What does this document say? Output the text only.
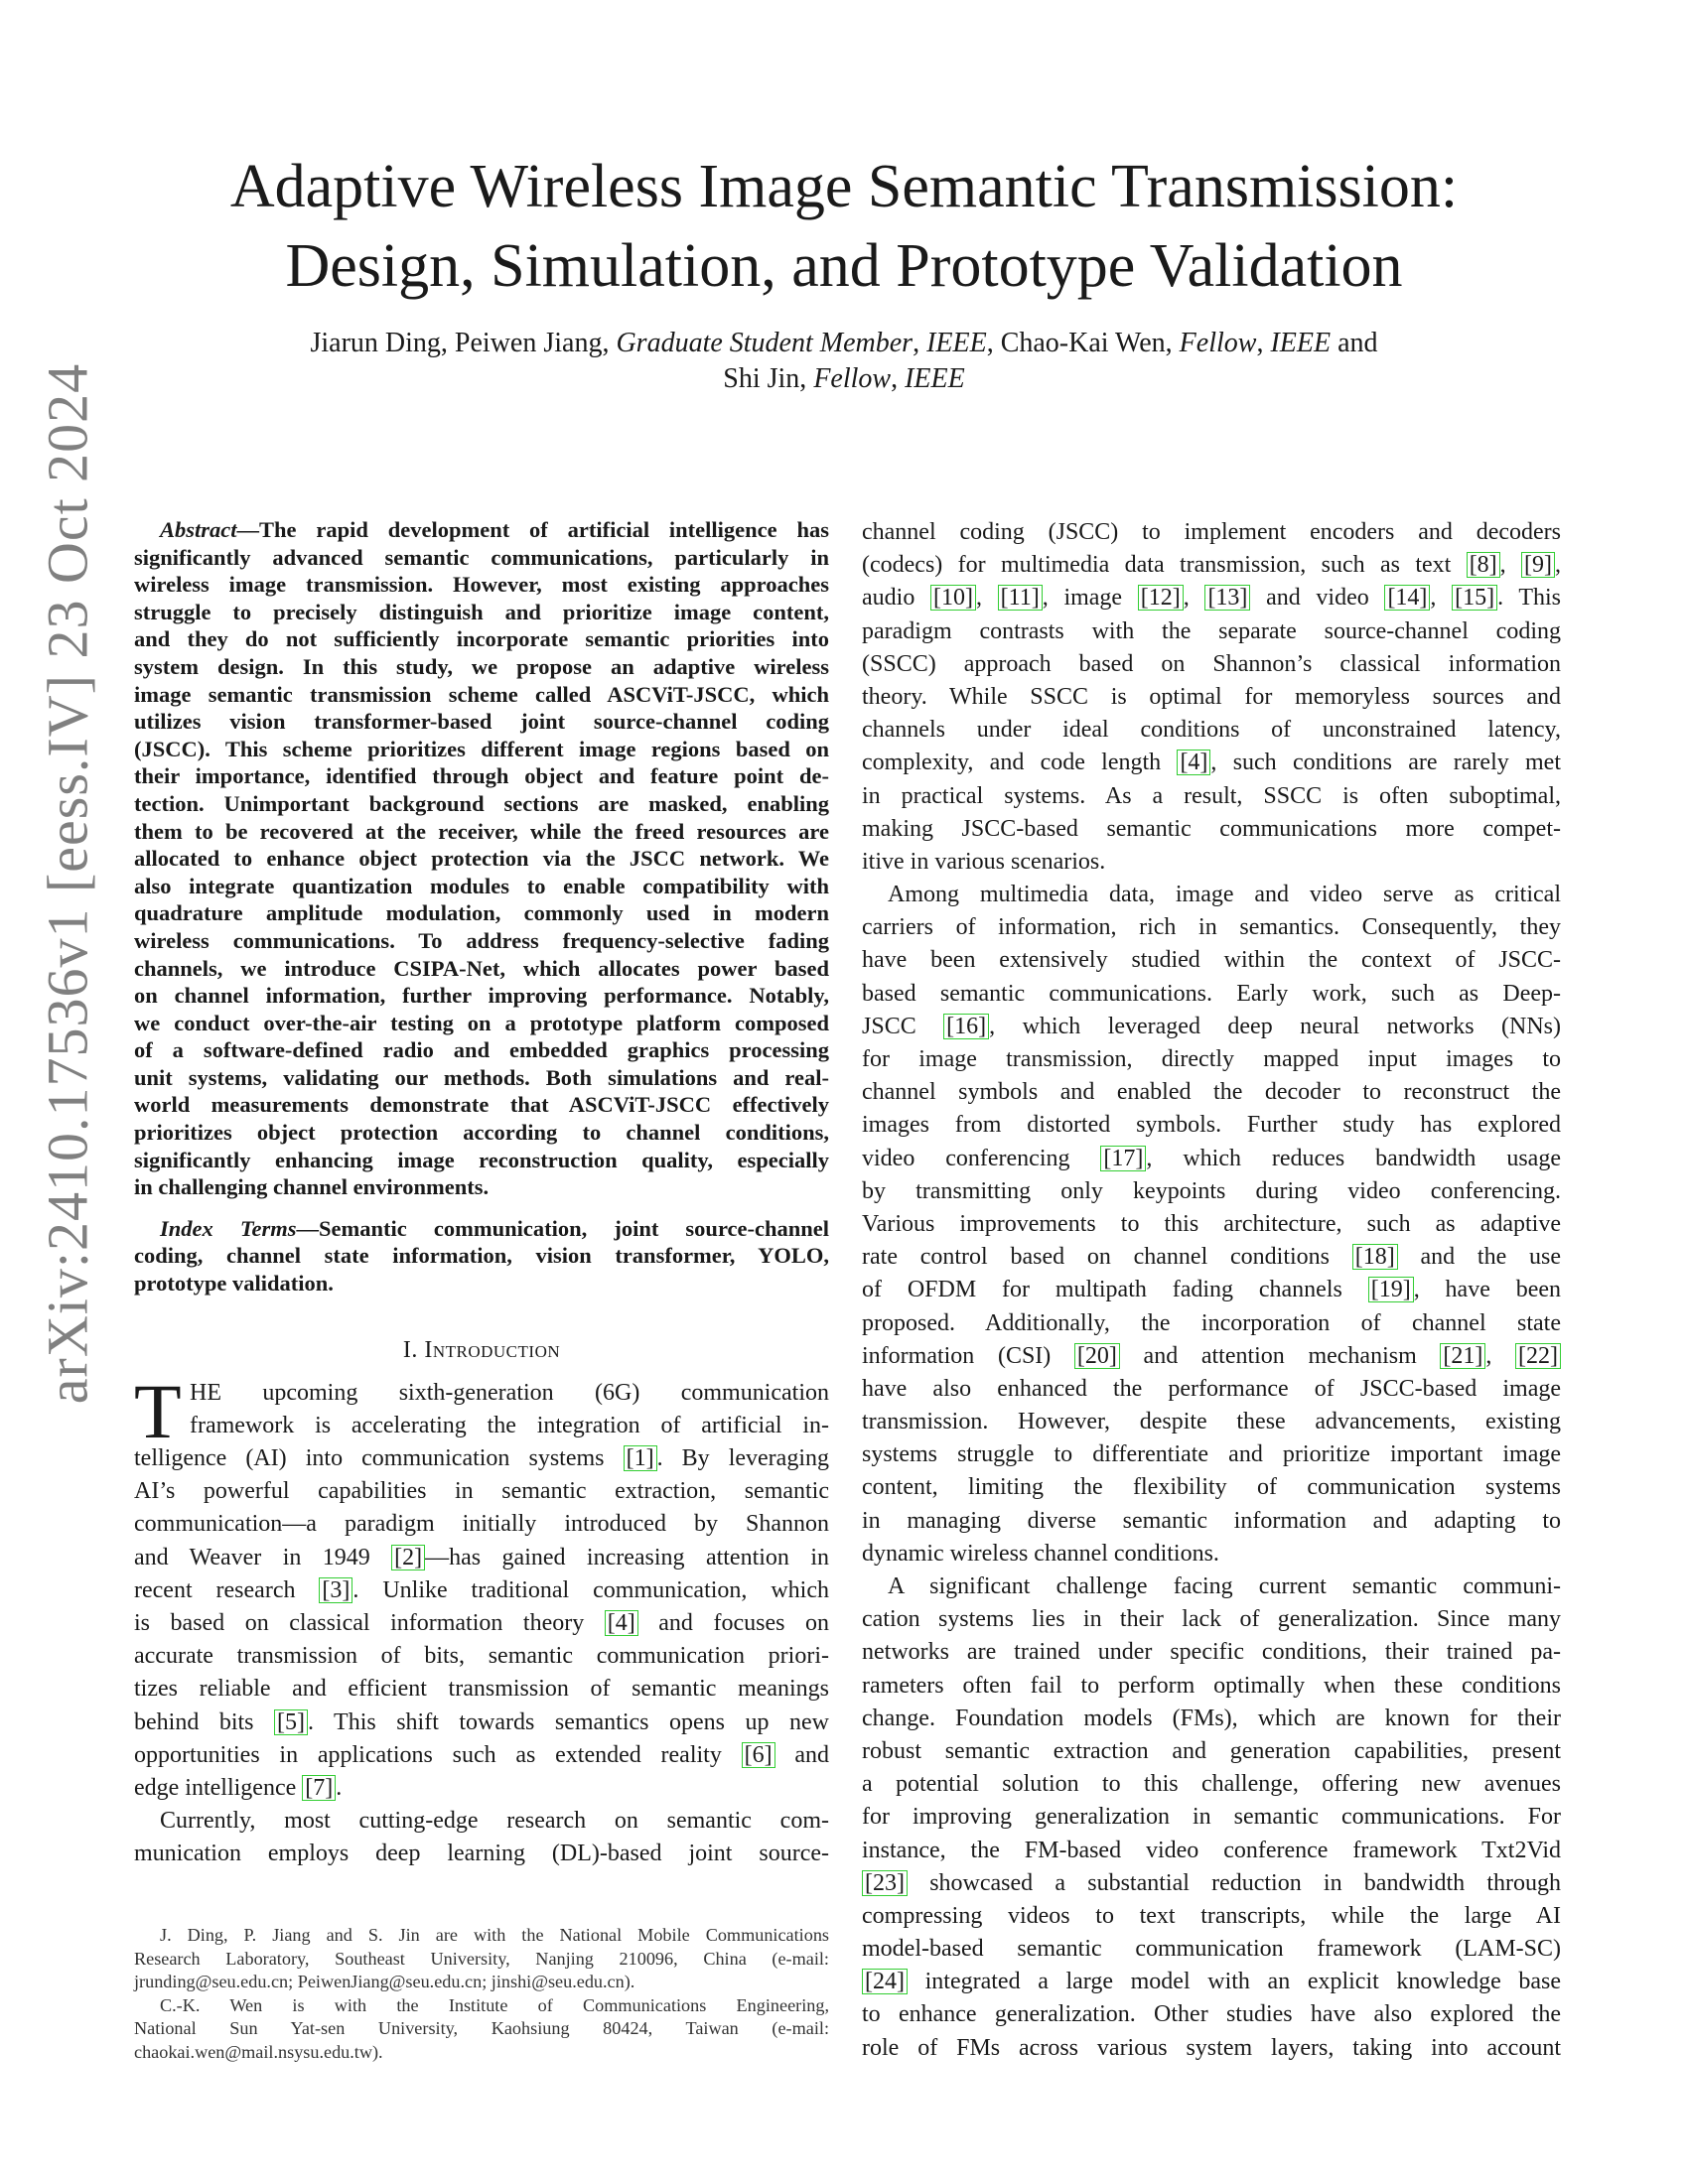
arXiv:2410.17536v1 [eess.IV] 23 Oct 2024
Adaptive Wireless Image Semantic Transmission:
Design, Simulation, and Prototype Validation
Jiarun Ding, Peiwen Jiang, Graduate Student Member, IEEE, Chao-Kai Wen, Fellow, IEEE and
Shi Jin, Fellow, IEEE
Abstract—The rapid development of artificial intelligence has
significantly advanced semantic communications, particularly in
wireless image transmission. However, most existing approaches
struggle to precisely distinguish and prioritize image content,
and they do not sufficiently incorporate semantic priorities into
system design. In this study, we propose an adaptive wireless
image semantic transmission scheme called ASCViT-JSCC, which
utilizes vision transformer-based joint source-channel coding
(JSCC). This scheme prioritizes different image regions based on
their importance, identified through object and feature point de-
tection. Unimportant background sections are masked, enabling
them to be recovered at the receiver, while the freed resources are
allocated to enhance object protection via the JSCC network. We
also integrate quantization modules to enable compatibility with
quadrature amplitude modulation, commonly used in modern
wireless communications. To address frequency-selective fading
channels, we introduce CSIPA-Net, which allocates power based
on channel information, further improving performance. Notably,
we conduct over-the-air testing on a prototype platform composed
of a software-defined radio and embedded graphics processing
unit systems, validating our methods. Both simulations and real-
world measurements demonstrate that ASCViT-JSCC effectively
prioritizes object protection according to channel conditions,
significantly enhancing image reconstruction quality, especially
in challenging channel environments.
Index Terms—Semantic communication, joint source-channel
coding, channel state information, vision transformer, YOLO,
prototype validation.
I. Introduction
T HE upcoming sixth-generation (6G) communication
framework is accelerating the integration of artificial in-
telligence (AI) into communication systems [1] . By leveraging
AI’s powerful capabilities in semantic extraction, semantic
communication—a paradigm initially introduced by Shannon
and Weaver in 1949 [2] —has gained increasing attention in
recent research [3] . Unlike traditional communication, which
is based on classical information theory [4] and focuses on
accurate transmission of bits, semantic communication priori-
tizes reliable and efficient transmission of semantic meanings
behind bits [5] . This shift towards semantics opens up new
opportunities in applications such as extended reality [6] and
edge intelligence [7] .
Currently, most cutting-edge research on semantic com-
munication employs deep learning (DL)-based joint source-
J. Ding, P. Jiang and S. Jin are with the National Mobile Communications
Research Laboratory, Southeast University, Nanjing 210096, China (e-mail:
jrunding@seu.edu.cn; PeiwenJiang@seu.edu.cn; jinshi@seu.edu.cn).
C.-K. Wen is with the Institute of Communications Engineering,
National Sun Yat-sen University, Kaohsiung 80424, Taiwan (e-mail:
chaokai.wen@mail.nsysu.edu.tw).
channel coding (JSCC) to implement encoders and decoders
(codecs) for multimedia data transmission, such as text [8] , [9] ,
audio [10] , [11] , image [12] , [13] and video [14] , [15] . This
paradigm contrasts with the separate source-channel coding
(SSCC) approach based on Shannon’s classical information
theory. While SSCC is optimal for memoryless sources and
channels under ideal conditions of unconstrained latency,
complexity, and code length [4] , such conditions are rarely met
in practical systems. As a result, SSCC is often suboptimal,
making JSCC-based semantic communications more compet-
itive in various scenarios.
Among multimedia data, image and video serve as critical
carriers of information, rich in semantics. Consequently, they
have been extensively studied within the context of JSCC-
based semantic communications. Early work, such as Deep-
JSCC [16] , which leveraged deep neural networks (NNs)
for image transmission, directly mapped input images to
channel symbols and enabled the decoder to reconstruct the
images from distorted symbols. Further study has explored
video conferencing [17] , which reduces bandwidth usage
by transmitting only keypoints during video conferencing.
Various improvements to this architecture, such as adaptive
rate control based on channel conditions [18] and the use
of OFDM for multipath fading channels [19] , have been
proposed. Additionally, the incorporation of channel state
information (CSI) [20] and attention mechanism [21] , [22]
have also enhanced the performance of JSCC-based image
transmission. However, despite these advancements, existing
systems struggle to differentiate and prioritize important image
content, limiting the flexibility of communication systems
in managing diverse semantic information and adapting to
dynamic wireless channel conditions.
A significant challenge facing current semantic communi-
cation systems lies in their lack of generalization. Since many
networks are trained under specific conditions, their trained pa-
rameters often fail to perform optimally when these conditions
change. Foundation models (FMs), which are known for their
robust semantic extraction and generation capabilities, present
a potential solution to this challenge, offering new avenues
for improving generalization in semantic communications. For
instance, the FM-based video conference framework Txt2Vid
[23] showcased a substantial reduction in bandwidth through
compressing videos to text transcripts, while the large AI
model-based semantic communication framework (LAM-SC)
[24] integrated a large model with an explicit knowledge base
to enhance generalization. Other studies have also explored the
role of FMs across various system layers, taking into account
